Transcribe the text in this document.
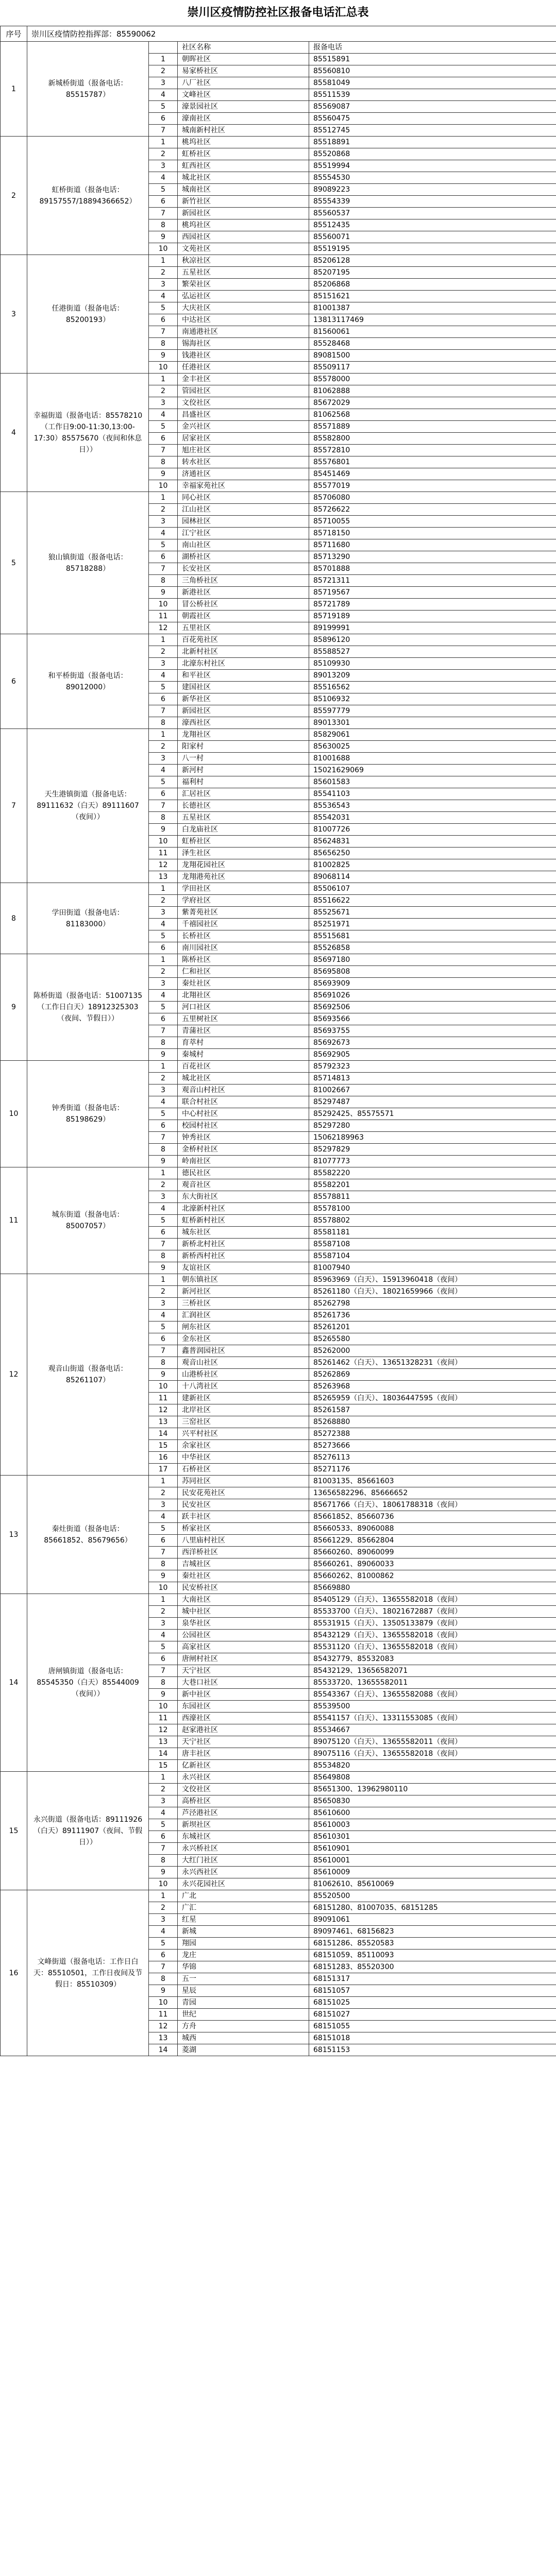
崇川区疫情防控社区报备电话汇总表
序号	崇川区疫情防控指挥部：85590062			
1	新城桥街道（报备电话：85515787）		社区名称	报备电话
		1	朝晖社区	85515891
		2	易家桥社区	85560810
		3	八厂社区	85581049
		4	文峰社区	85511539
		5	濠景园社区	85569087
		6	濠南社区	85560475
		7	城南新村社区	85512745
2	虹桥街道（报备电话：89157557/18894366652）	1	桃坞社区	85518891
		2	虹桥社区	85520868
		3	虹西社区	85519994
		4	城北社区	85554530
		5	城南社区	89089223
		6	新竹社区	85554339
		7	新园社区	85560537
		8	桃坞社区	85512435
		9	西园社区	85560071
		10	文苑社区	85519195
3	任港街道（报备电话：85200193）	1	秋凉社区	85206128
		2	五星社区	85207195
		3	繁荣社区	85206868
		4	弘运社区	85151621
		5	大庆社区	81001387
		6	中达社区	13813117469
		7	南通港社区	81560061
		8	锡海社区	85528468
		9	钱港社区	89081500
		10	任港社区	85509117
4	幸福街道（报备电话：85578210（工作日9:00-11:30,13:00-17:30）85575670（夜间和休息日））	1	金丰社区	85578000
		2	管园社区	81062888
		3	文佼社区	85672029
		4	昌盛社区	81062568
		5	金兴社区	85571889
		6	居家社区	85582800
		7	旭庄社区	85572810
		8	转水社区	85576801
		9	济通社区	85451469
		10	幸福家苑社区	85577019
5	狼山镇街道（报备电话：85718288）	1	同心社区	85706080
		2	江山社区	85726622
		3	园林社区	85710055
		4	江宁社区	85718150
		5	南山社区	85711680
		6	湖桥社区	85713290
		7	长安社区	85701888
		8	三角桥社区	85721311
		9	新港社区	85719567
		10	冒公桥社区	85721789
		11	朝霞社区	85719189
		12	五里社区	89199991
6	和平桥街道（报备电话：89012000）	1	百花苑社区	85896120
		2	北新村社区	85588527
		3	北濠东村社区	85109930
		4	和平社区	89013209
		5	建国社区	85516562
		6	新华社区	85106932
		7	新园社区	85597779
		8	濠西社区	89013301
7	天生港镇街道（报备电话：89111632（白天）89111607（夜间））	1	龙翔社区	85829061
		2	阳家村	85630025
		3	八一村	81001688
		4	新河村	15021629069
		5	福利村	85601583
		6	汇居社区	85541103
		7	长德社区	85536543
		8	五星社区	85542031
		9	白龙庙社区	81007726
		10	虹桥社区	85624831
		11	泽生社区	85656250
		12	龙翔花园社区	81002825
		13	龙翔港苑社区	89068114
8	学田街道（报备电话：81183000）	1	学田社区	85506107
		2	学府社区	85516622
		3	紫菁苑社区	85525671
		4	千禧园社区	85251971
		5	长桥社区	85515681
		6	南川园社区	85526858
9	陈桥街道（报备电话：51007135（工作日白天）18912325303（夜间、节假日））	1	陈桥社区	85697180
		2	仁和社区	85695808
		3	秦灶社区	85693909
		4	北翔社区	85691026
		5	河口社区	85692506
		6	五里树社区	85693566
		7	青蒲社区	85693755
		8	育萃村	85692673
		9	秦城村	85692905
10	钟秀街道（报备电话：85198629）	1	百花社区	85792323
		2	城北社区	85714813
		3	观音山村社区	81002667
		4	联合村社区	85297487
		5	中心村社区	85292425、85575571
		6	校园村社区	85297280
		7	钟秀社区	15062189963
		8	金桥村社区	85297829
		9	岭南社区	81077773
11	城东街道（报备电话：85007057）	1	德民社区	85582220
		2	观音社区	85582201
		3	东大街社区	85578811
		4	北濠新村社区	85578100
		5	虹桥新村社区	85578802
		6	城东社区	85581181
		7	新桥北村社区	85587108
		8	新桥西村社区	85587104
		9	友谊社区	81007940
12	观音山街道（报备电话：85261107）	1	朝东镇社区	85963969（白天）、15913960418（夜间）
		2	新河社区	85261180（白天）、18021659966（夜间）
		3	三桥社区	85262798
		4	汇润社区	85261736
		5	闸东社区	85261201
		6	金东社区	85265580
		7	鑫普润园社区	85262000
		8	观音山社区	85261462（白天）、13651328231（夜间）
		9	山港桥社区	85262869
		10	十八湾社区	85263968
		11	建新社区	85265959（白天）、18036447595（夜间）
		12	北岸社区	85261587
		13	三窑社区	85268880
		14	兴平村社区	85272388
		15	余家社区	85273666
		16	中华社区	85276113
		17	石桥社区	85271176
13	秦灶街道（报备电话：85661852、85679656）	1	苏同社区	81003135、85661603
		2	民安花苑社区	13656582296、85666652
		3	民安社区	85671766（白天）、18061788318（夜间）
		4	跃丰社区	85661852、85660736
		5	桥家社区	85660533、89060088
		6	八里庙村社区	85661229、85662804
		7	西洋桥社区	85660260、89060099
		8	吉城社区	85660261、89060033
		9	秦灶社区	85660262、81000862
		10	民安桥社区	85669880
14	唐闸镇街道（报备电话：85545350（白天）85544009（夜间））	1	大南社区	85405129（白天）、13655582018（夜间）
		2	城中社区	85533700（白天）、18021672887（夜间）
		3	泉华社区	85531915（白天）、13505133879（夜间）
		4	公园社区	85432129（白天）、13655582018（夜间）
		5	高家社区	85531120（白天）、13655582018（夜间）
		6	唐闸村社区	85432779、85532083
		7	天宁社区	85432129、13656582071
		8	大巷口社区	85533720、13655582011
		9	新中社区	85543367（白天）、13655582088（夜间）
		10	东园社区	85539500
		11	西濠社区	85541157（白天）、13311553085（夜间）
		12	赵家港社区	85534667
		13	天宁社区	89075120（白天）、13655582011（夜间）
		14	唐丰社区	89075116（白天）、13655582018（夜间）
		15	亿新社区	85534820
15	永兴街道（报备电话：89111926（白天）89111907（夜间、节假日））	1	永兴社区	85649808
		2	文佼社区	85651300、13962980110
		3	高桥社区	85650830
		4	芦泾港社区	85610600
		5	新坝社区	85610003
		6	东城社区	85610301
		7	永兴桥社区	85610901
		8	大红门社区	85610001
		9	永兴西社区	85610009
		10	永兴花园社区	81062610、85610069
16	文峰街道（报备电话：工作日白天：85510501，工作日夜间及节假日：85510309）	1	广北	85520500
		2	广汇	68151280、81007035、68151285
		3	红星	89091061
		4	新城	89097461、68156823
		5	翔园	68151286、85520583
		6	龙庄	68151059、85110093
		7	华锦	68151283、85520300
		8	五一	68151317
		9	星辰	68151057
		10	青园	68151025
		11	世纪	68151027
		12	方舟	68151055
		13	城西	68151018
		14	菱湖	68151153
